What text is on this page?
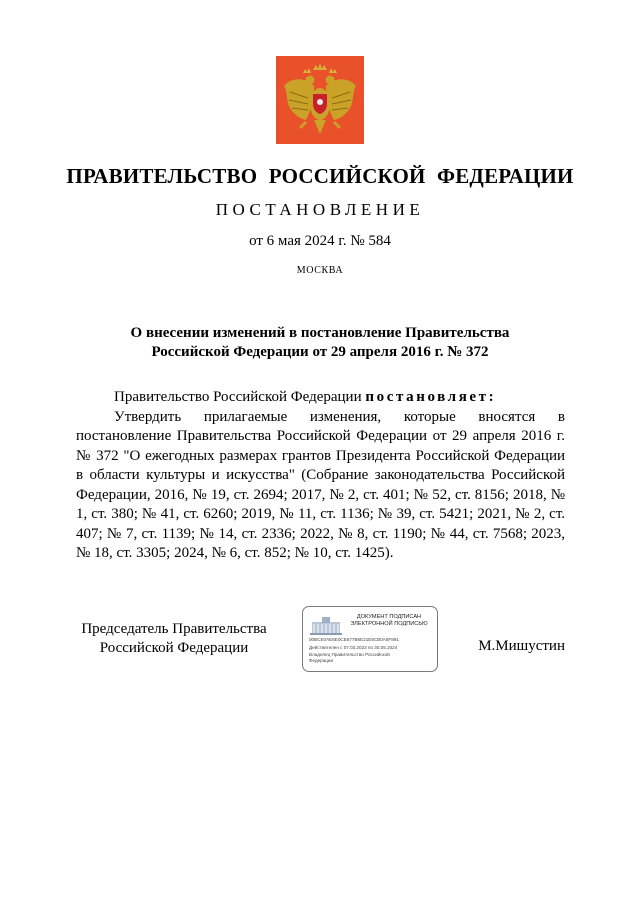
ПРАВИТЕЛЬСТВО РОССИЙСКОЙ ФЕДЕРАЦИИ
ПОСТАНОВЛЕНИЕ
от 6 мая 2024 г. № 584
МОСКВА
О внесении изменений в постановление Правительства
Российской Федерации от 29 апреля 2016 г. № 372

Правительство Российской Федерации постановляет:

Утвердить прилагаемые изменения, которые вносятся в постановление Правительства Российской Федерации от 29 апреля 2016 г. № 372 "О ежегодных размерах грантов Президента Российской Федерации в области культуры и искусства" (Собрание законодательства Российской Федерации, 2016, № 19, ст. 2694; 2017, № 2, ст. 401; № 52, ст. 8156; 2018, № 1, ст. 380; № 41, ст. 6260; 2019, № 11, ст. 1136; № 39, ст. 5421; 2021, № 2, ст. 407; № 7, ст. 1139; № 14, ст. 2336; 2022, № 8, ст. 1190; № 44, ст. 7568; 2023, № 18, ст. 3305; 2024, № 6, ст. 852; № 10, ст. 1425).

Председатель Правительства
Российской Федерации
ДОКУМЕНТ ПОДПИСАН
ЭЛЕКТРОННОЙ ПОДПИСЬЮ
00BCE0AE6E0CE677B6E21E6CB0A8F891
Действителен с 07.03.2023 по 30.05.2024
Владелец Правительство Российской
Федерации
М.Мишустин
